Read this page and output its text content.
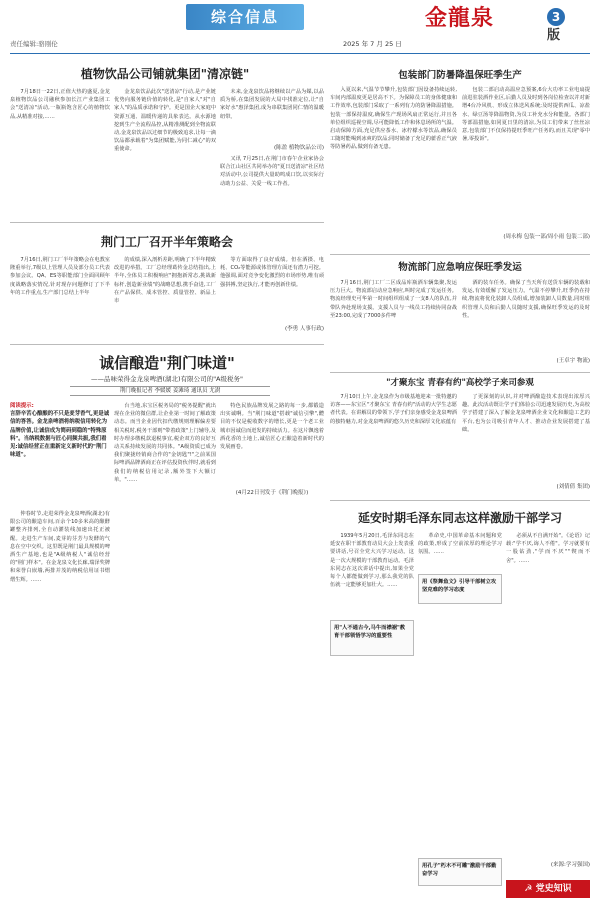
责任编辑:骆刚伦
综合信息
2025 年 7 月 25 日
金龍泉	3 版
植物饮品公司铺就集团"清凉链"

7月18日一22日,正值大热的盛夏,金龙泉植物饮品公司融秋参加长江产业集团工会"送清凉"活动,一瓶瓶饱含匠心的植物饮品,从精准对接,……

金龙泉饮品此次"送清凉"行动,是产业链优势向服务链价值的转化,是"自家人"对"自家人"的品质承诺和守护。更是国企大家庭中资源互通、温暖传递的具象表达。从水源地挖到生产全流程品控,从精准测配到全物流联动,金龙泉饮品以过细节的极致追求,让每一滴饮品都承载着"为集团赋能,为同仁减心"的双重使命。

未来,金龙泉饮品将继续以产品为媒,以品质为桥,在集团发展的大局中找准定位,让"自家好水"惠泽集团,成为串联集团同仁情的温暖纽带。

(陈盈 植物饮品公司)

又讯 7月25日,在荆门市春午企业家协会联合江山社区共同举办的"夏日送清凉"社区结对活动中,公司提供大量助鸣成口饮,以实际行动助力公益、关爱一线工作者。

荆门工厂召开半年策略会

7月16日,荆门工厂半年策略会在电教室隆重举行,7级以上管理人员及部分员工代表参加会议。QA、ES等职能部门全面回顾年度战略落实情况,针对现存问题修订了下半年的工作重点,生产部门总结上半年

的成绩,深入剖析差距,明确了下半年精致改进的举措。工厂总经理葛传金总结指出,上半年,全体员工积极响应"拥抱新常态,挑战新标杆,创造新业绩"的战略思想,携手奋进,工厂在产品保供、成本管控、质量管控、新品上市

等方面取得了良好成绩。但在酒摄、电耗、CO₂等能源或体管理方面还有潜力可挖。他强调,面对竞争变化激烈的市场形势,唯有顽强拼搏,坚定执行,才能再创新佳绩。

(李勇 人事行政)
诚信酿造"荆门味道"
——品味荣得金龙泉啤酒(湖北)有限公司的"A级税务"
荆门晚报记者 李媛媛 姜滩琦 通讯员 尤澍
阅读提示:
言辞辛苦心酿酿的不只是麦芽香气,更是诚信的答答。金龙泉啤酒将纳税信用转化为品牌价值,让诚信成为简码到稳的"特殊原料"。当纳税数据与匠心同频共振,我们看见:诚信经营正在重新定义新时代的"荆门味道"。

仲春时节,走进荣得金龙泉啤酒(湖北)有限公司的酿造车间,百余个10多米高的酿酵罐整齐排列,全自动灌装线加速出托正被醒。走进生产车间,麦芽的芬芳与发酵的气息在空中交织。这里既是荆门最具规模的啤酒生产基地,也是"A级纳税人"诚信经营的"荆门样本"。在金龙泉文化长廊,瑞泽奖牌和荣誉白嵌墙,两排并茂的纳税信用证书熠熠生辉。……

台当地,东宝区税务局的"税务提醒"就出现在企业的微信群,让企业第一时间了解政策动态。而当企业因代扣代缴规则理解偏差要相关税时,税务干部则"带着政策"上门辅导,及时办理多缴税款退税事宜,税企双方的良好互动关系持续发展的共同体。"A级资质已成为我们聚拢经销商合作的"金钥匙"!"之前某国际啤酒品牌酒商正在评估投资伙伴时,就看到我们的纳税信用记录,额外签下大额订单。"……

特色民族品牌发展之路的每一步,都锻造出实诚啊。当"荆门味道"搭载"诚信引擎",醴目的不仅是税收数字的增长,更是一个老工业城市因诚信而迸发的持续活力。在这片飘逸着酒花香的土地上,诚信匠心正酿造着新时代的发展画卷。

(4月22日刊发于《荆门晚报》)
包装部门防暑降温保旺季生产

入夏以来,气温节节攀升,包装部门因设备持续运转,车间内部温度更是居高不下。为保障员工的身体健康和工作效率,包装部门采取了一系列有力的防暑降温措施。包装一部保持温度,确保生产现场风扇正常运行,并且各单位组织巡视空调,尽可能降低工作和休息场所的气温。启动保障方面,充足供应茶水、冰柠檬水等饮品,确保员工随时能喝到冰爽的饮品;同时储备了充足的藿香正气液等防暑药品,做到有备无患。

包装二部启动高温应急预案,6台大功率工业电扇提前进驻装酒作业区,后勤人员及时到各岗位检查以并对新增4台冷风机、形成立体送风系统;及时提供西瓜、凉盐水、绿豆汤等降温物资,为员工补充水分和能量。各部门等部温措施,如同夏日里的清凉,为员工们带来了丝丝凉意,包装部门不仅保持提旺季旺产任务的,而且关现"零中暑,零投诉"。

(周永梅 包装一部/周小雨 包装二部)
物流部门应急响应保旺季发运

7月16日,荆门工厂二区成品库瓶酒车辆集聚,发运压力巨大。物流部启动应急响应,叫时完成了发运任务。物流经理史可华第一时间组织组成了一支8人的队伍,并带队奔赴现场支援。支援人员与一线员工持续协同奋战至23:00,完成了7000多件啤

酒的装车任务。确保了当天所有送货车辆的装载和发运,有效缓解了发运压力。气温不停攀升,旺季仍在持续,物流将优化装卸人员组成,增加装卸人员数量,同时组织管理人员和后勤人员随时支援,确保旺季发运的及时性。

(王卓宇 物流)
"才聚东宝 青春有约"高校学子来司参观

7月10日上午,金龙泉作为市级基地迎来一批特邀的访客——东宝区"才聚东宝 青春有约"活动的大学生志愿者代表。在讲解员的带领下,学子们亲身感受金龙泉啤酒的独特魅力,对金龙泉啤酒的悠久历史和深厚文化底蕴有

了更深刻的认识,并对啤酒酿造技术表现出浓厚兴趣。此次活动既让学子们体验公司迅速发展历史,为高校学子搭建了深入了解金龙泉啤酒企业文化和酿造工艺的平台,也为公司吸引青年人才、推动企业发展搭建了基础。

(刘倩倩 集团)
延安时期毛泽东同志这样激励干部学习

1939年5月20日,毛泽东同志在延安在职干部教育动员大会上发表重要讲话,号召全党大兴学习运动。这是一次大规模的干部教育运动。毛泽东同志在这次讲话中提出,如果全党每个人都能做到学习,那么我党的队伍就一定能够更加壮大。……

用"人不通古今,马牛而襟裾"教育干部领悟学习的重要性

革命史,中国革命基本问题和党的政策,形成了空前浓厚的理论学习氛围。……

用《祭舞鱼文》引导干部树立攻坚克难的学习态度

必须从不自满开始"。《论语》记载:"学不厌,诲人不倦"。学习就要有一股钻劲,"学而不厌""锲而不舍"。……

用孔子"朽木不可雕"激励干部勤奋学习
(来源:学习强国)
☭ 党史知识
